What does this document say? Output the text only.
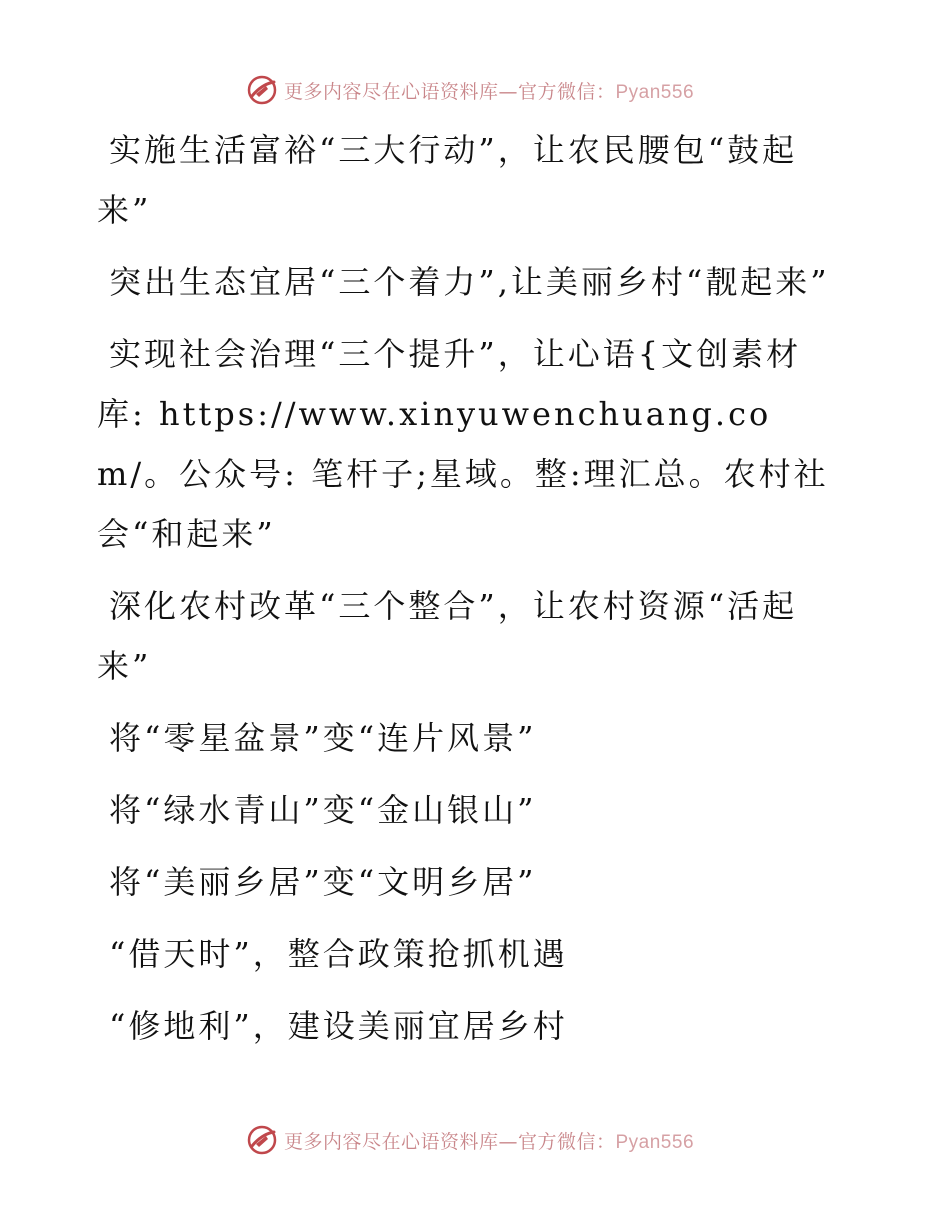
更多内容尽在心语资料库—官方微信：Pyan556

实施生活富裕“三大行动”，让农民腰包“鼓起来”

突出生态宜居“三个着力”,让美丽乡村“靓起来”

实现社会治理“三个提升”，让心语{文创素材库: https://www.xinyuwenchuang.com/。公众号: 笔杆子;星域。整:理汇总。农村社会“和起来”

深化农村改革“三个整合”，让农村资源“活起来”

将“零星盆景”变“连片风景”

将“绿水青山”变“金山银山”

将“美丽乡居”变“文明乡居”

“借天时”，整合政策抢抓机遇

“修地利”，建设美丽宜居乡村

更多内容尽在心语资料库—官方微信：Pyan556
